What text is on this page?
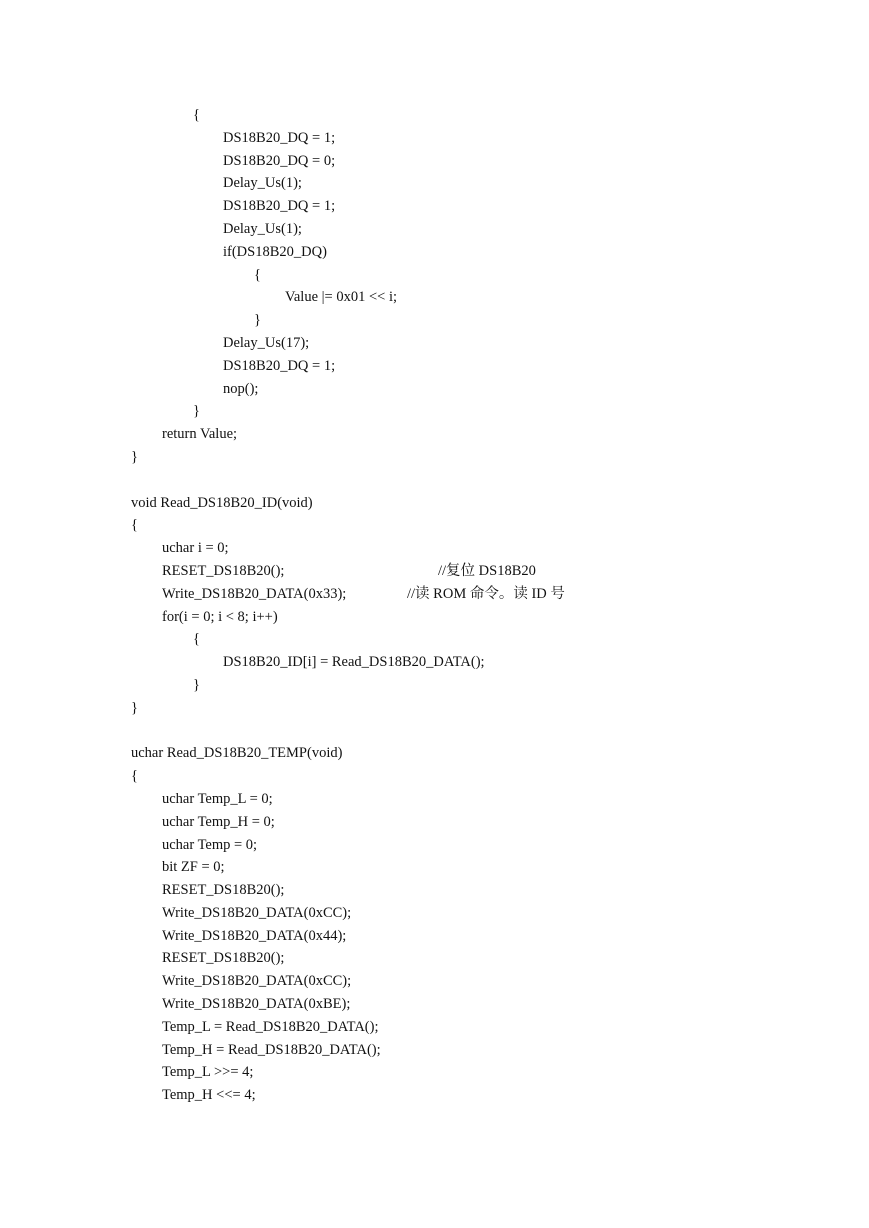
{
DS18B20_DQ = 1;
DS18B20_DQ = 0;
Delay_Us(1);
DS18B20_DQ = 1;
Delay_Us(1);
if(DS18B20_DQ)
{
Value |= 0x01 << i;
}
Delay_Us(17);
DS18B20_DQ = 1;
nop();
}
return Value;
}
void Read_DS18B20_ID(void)
{
uchar i = 0;
RESET_DS18B20();	//复位 DS18B20
Write_DS18B20_DATA(0x33);	//读 ROM 命令。读 ID 号
for(i = 0; i < 8; i++)
{
DS18B20_ID[i] = Read_DS18B20_DATA();
}
}
uchar Read_DS18B20_TEMP(void)
{
uchar Temp_L = 0;
uchar Temp_H = 0;
uchar Temp = 0;
bit ZF = 0;
RESET_DS18B20();
Write_DS18B20_DATA(0xCC);
Write_DS18B20_DATA(0x44);
RESET_DS18B20();
Write_DS18B20_DATA(0xCC);
Write_DS18B20_DATA(0xBE);
Temp_L = Read_DS18B20_DATA();
Temp_H = Read_DS18B20_DATA();
Temp_L >>= 4;
Temp_H <<= 4;
